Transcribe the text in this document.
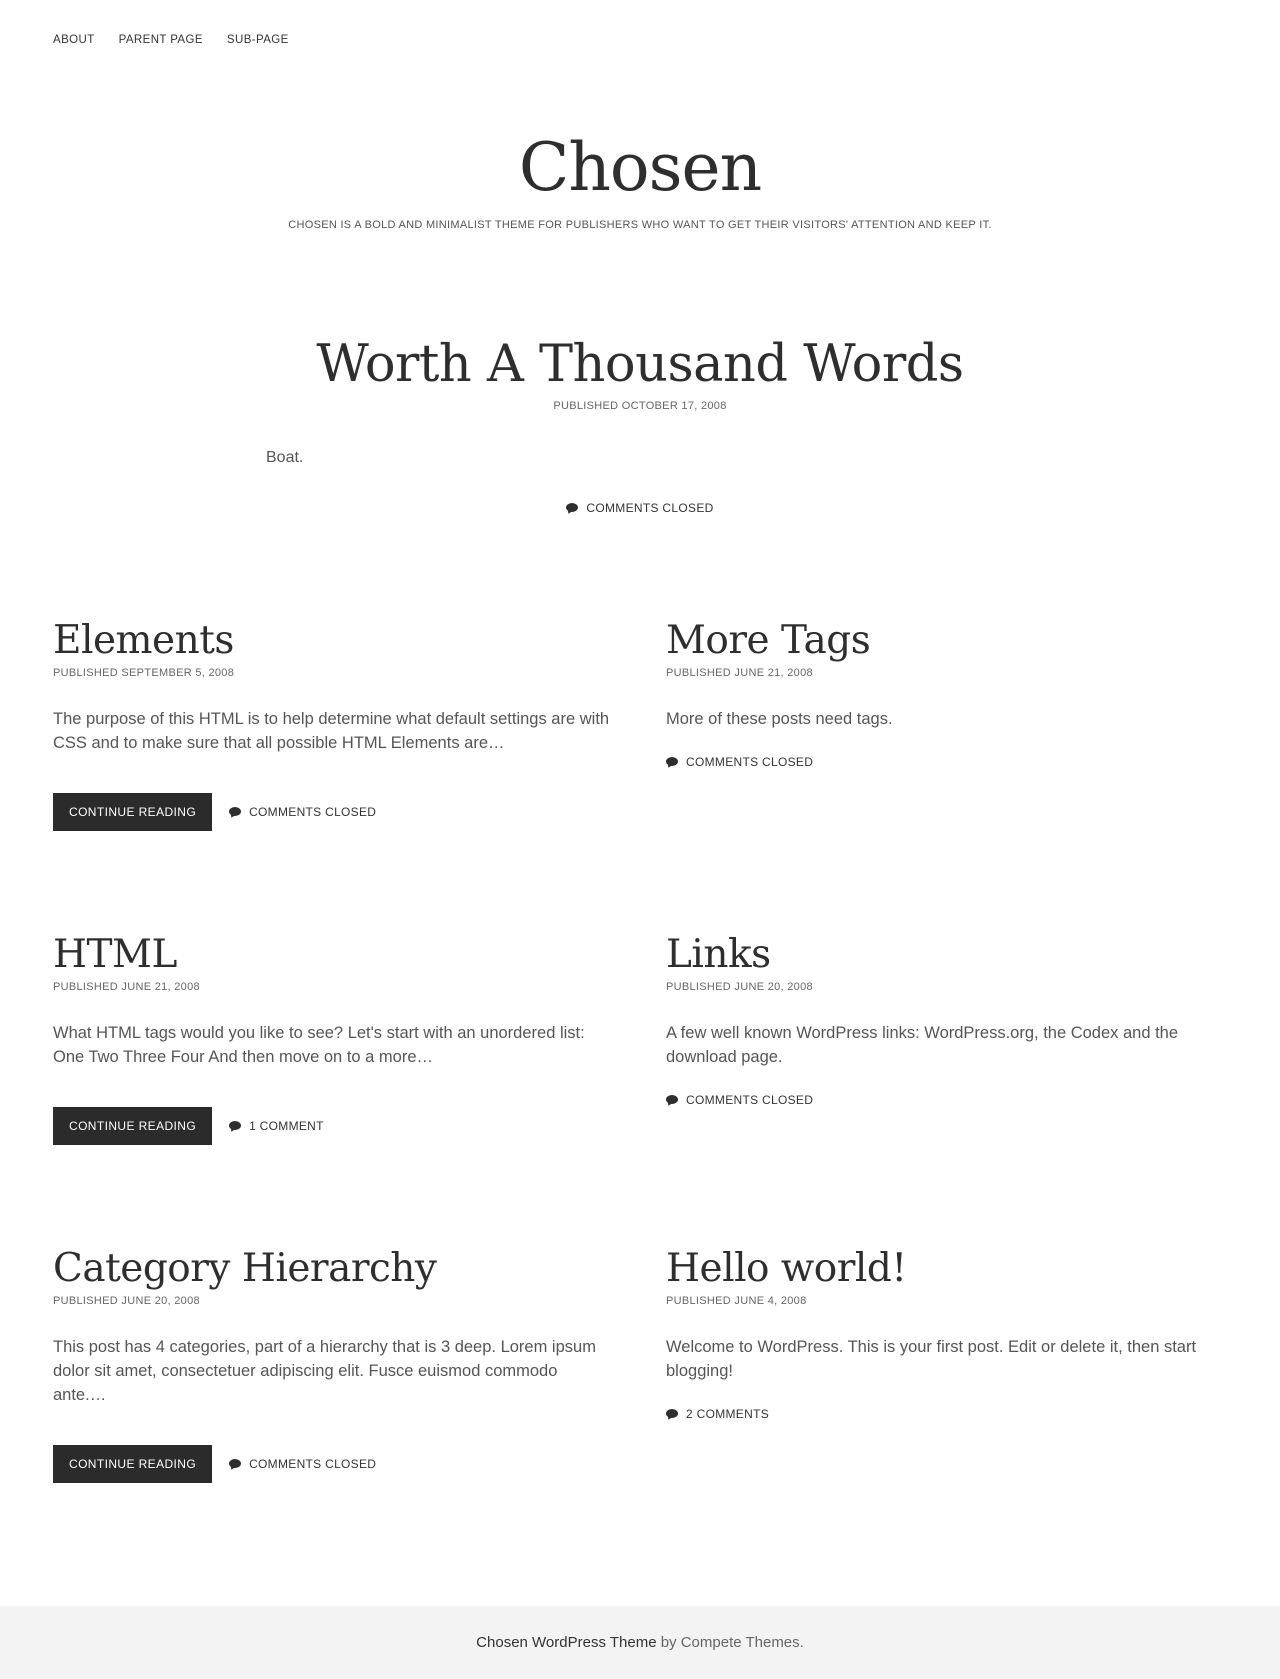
ABOUT PARENT PAGE SUB-PAGE
Chosen

CHOSEN IS A BOLD AND MINIMALIST THEME FOR PUBLISHERS WHO WANT TO GET THEIR VISITORS' ATTENTION AND KEEP IT.

Worth A Thousand Words

PUBLISHED OCTOBER 17, 2008

Boat.

COMMENTS CLOSED
Elements

PUBLISHED SEPTEMBER 5, 2008

The purpose of this HTML is to help determine what default settings are with CSS and to make sure that all possible HTML Elements are…

CONTINUE READING	COMMENTS CLOSED
More Tags

PUBLISHED JUNE 21, 2008

More of these posts need tags.

COMMENTS CLOSED
HTML

PUBLISHED JUNE 21, 2008

What HTML tags would you like to see? Let's start with an unordered list: One Two Three Four And then move on to a more…

CONTINUE READING	1 COMMENT
Links

PUBLISHED JUNE 20, 2008

A few well known WordPress links: WordPress.org, the Codex and the download page.

COMMENTS CLOSED
Category Hierarchy

PUBLISHED JUNE 20, 2008

This post has 4 categories, part of a hierarchy that is 3 deep. Lorem ipsum dolor sit amet, consectetuer adipiscing elit. Fusce euismod commodo ante.…

CONTINUE READING	COMMENTS CLOSED
Hello world!

PUBLISHED JUNE 4, 2008

Welcome to WordPress. This is your first post. Edit or delete it, then start blogging!

2 COMMENTS
Chosen WordPress Theme by Compete Themes.
